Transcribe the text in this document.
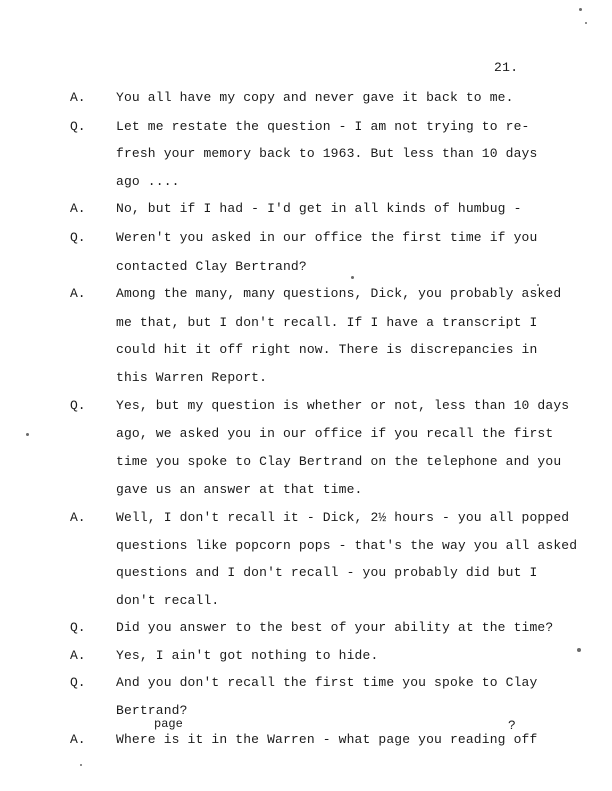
21.
A. You all have my copy and never gave it back to me.
Q. Let me restate the question - I am not trying to re-
fresh your memory back to 1963. But less than 10 days
ago ....
A. No, but if I had - I'd get in all kinds of humbug -
Q. Weren't you asked in our office the first time if you
contacted Clay Bertrand?
A. Among the many, many questions, Dick, you probably asked
me that, but I don't recall. If I have a transcript I
could hit it off right now. There is discrepancies in
this Warren Report.
Q. Yes, but my question is whether or not, less than 10 days
ago, we asked you in our office if you recall the first
time you spoke to Clay Bertrand on the telephone and you
gave us an answer at that time.
A. Well, I don't recall it - Dick, 2½ hours - you all popped
questions like popcorn pops - that's the way you all asked
questions and I don't recall - you probably did but I
don't recall.
Q. Did you answer to the best of your ability at the time?
A. Yes, I ain't got nothing to hide.
Q. And you don't recall the first time you spoke to Clay
Bertrand?
A. Where is it in the Warren - what page you reading off
page	?
